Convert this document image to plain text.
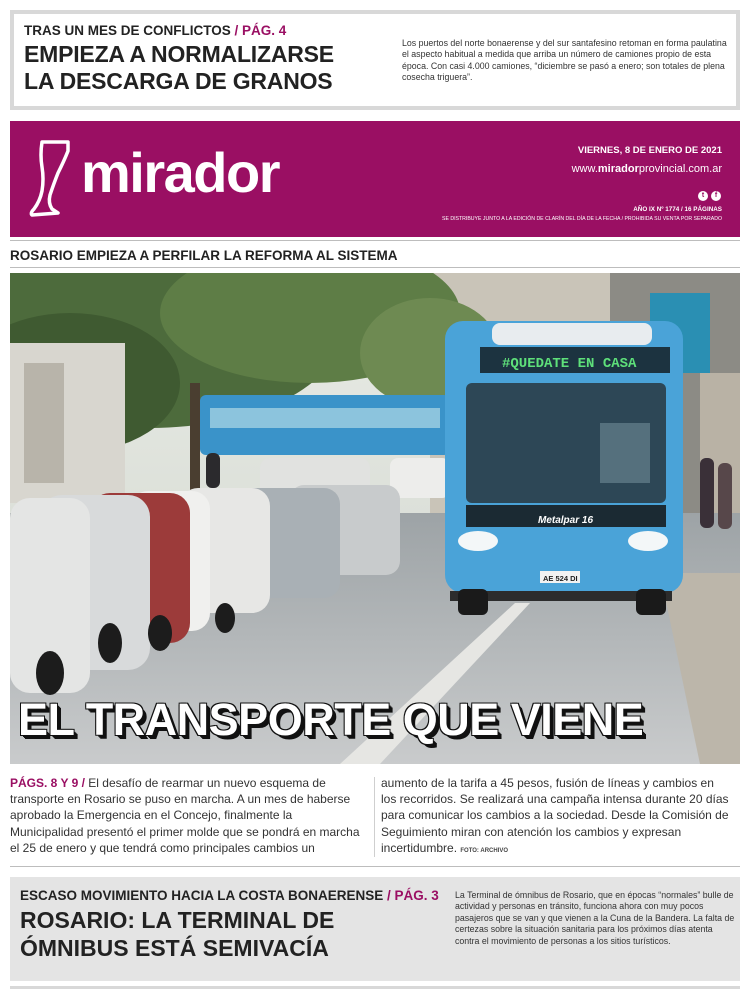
TRAS UN MES DE CONFLICTOS / PÁG. 4
EMPIEZA A NORMALIZARSE
LA DESCARGA DE GRANOS
Los puertos del norte bonaerense y del sur santafesino retoman en forma paulatina el aspecto habitual a medida que arriba un número de camiones propio de esta época. Con casi 4.000 camiones, “diciembre se pasó a enero; son totales de plena cosecha triguera”.
mirador	VIERNES, 8 DE ENERO DE 2021
www.miradorprovincial.com.ar
t	f
AÑO IX Nº 1774 / 16 PÁGINAS
SE DISTRIBUYE JUNTO A LA EDICIÓN DE CLARÍN DEL DÍA DE LA FECHA / PROHIBIDA SU VENTA POR SEPARADO
ROSARIO EMPIEZA A PERFILAR LA REFORMA AL SISTEMA
#QUEDATE EN CASA
Metalpar 16
AE 524 DI
EL TRANSPORTE QUE VIENE
PÁGS. 8 Y 9 / El desafío de rearmar un nuevo esquema de transporte en Rosario se puso en marcha. A un mes de haberse aprobado la Emergencia en el Concejo, finalmente la Municipalidad presentó el primer molde que se pondrá en marcha el 25 de enero y que tendrá como principales cambios un
aumento de la tarifa a 45 pesos, fusión de líneas y cambios en los recorridos. Se realizará una campaña intensa durante 20 días para comunicar los cambios a la sociedad. Desde la Comisión de Seguimiento miran con atención los cambios y expresan incertidumbre. FOTO: ARCHIVO
ESCASO MOVIMIENTO HACIA LA COSTA BONAERENSE / PÁG. 3
ROSARIO: LA TERMINAL DE
ÓMNIBUS ESTÁ SEMIVACÍA
La Terminal de ómnibus de Rosario, que en épocas “normales” bulle de actividad y personas en tránsito, funciona ahora con muy pocos pasajeros que se van y que vienen a la Cuna de la Bandera. La falta de certezas sobre la situación sanitaria para los próximos días atenta contra el movimiento de personas a los sitios turísticos.
